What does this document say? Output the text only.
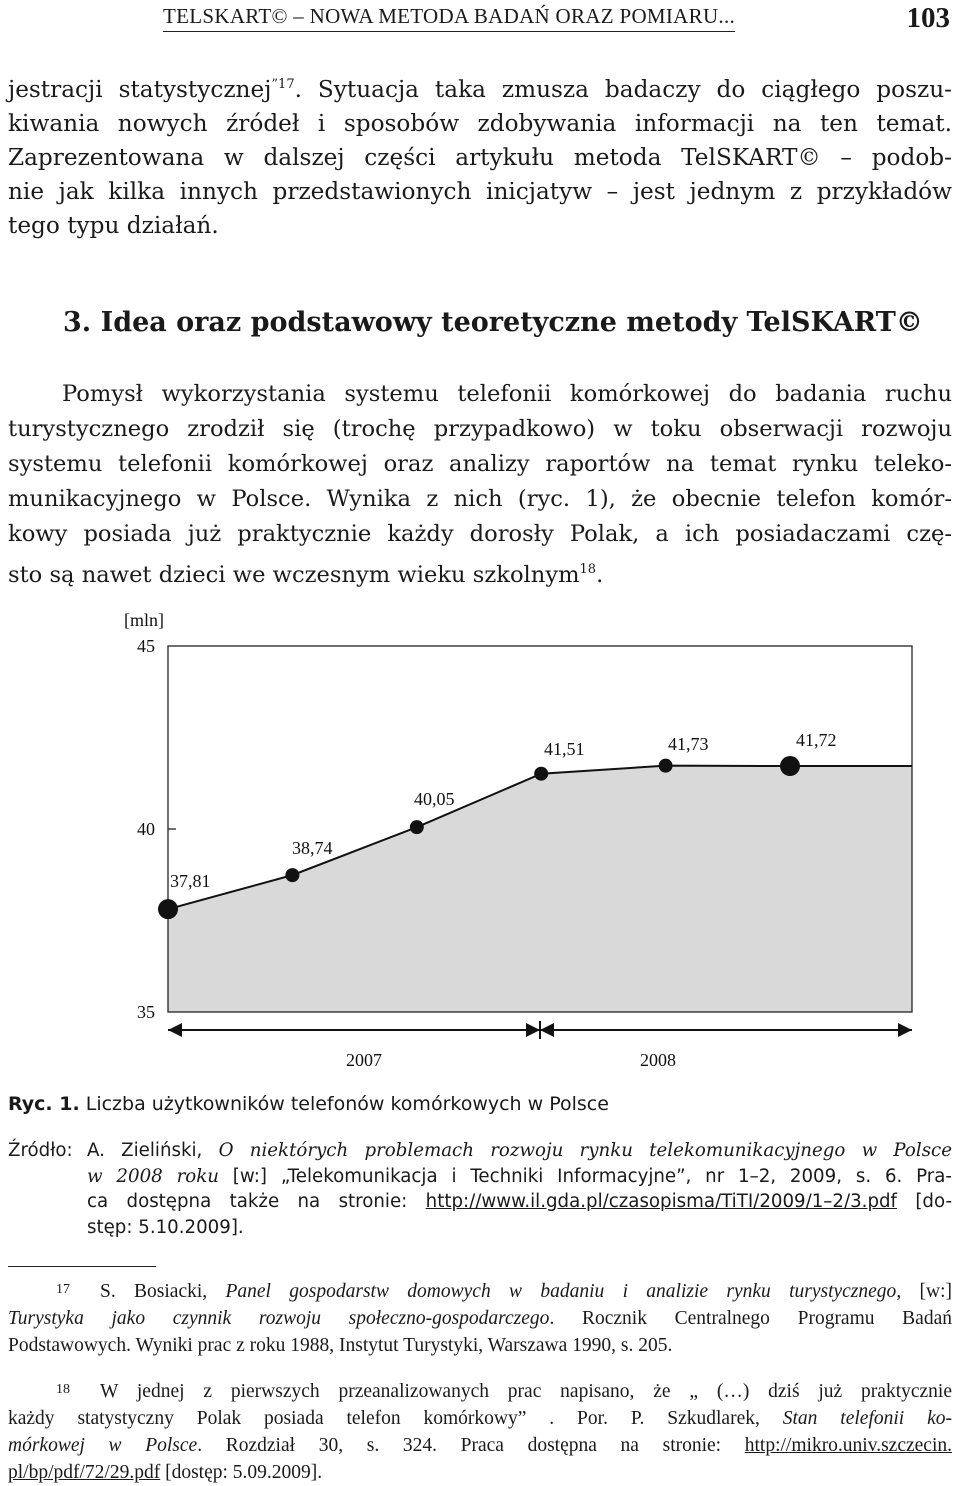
TELSKART© – NOWA METODA BADAŃ ORAZ POMIARU...	103
jestracji statystycznej$^{”17}$. Sytuacja taka zmusza badaczy do ciągłego poszu-
kiwania nowych źródeł i sposobów zdobywania informacji na ten temat.
Zaprezentowana w dalszej części artykułu metoda TelSKART© – podob-
nie jak kilka innych przedstawionych inicjatyw – jest jednym z przykładów
tego typu działań.
3. Idea oraz podstawowy teoretyczne metody TelSKART©
Pomysł wykorzystania systemu telefonii komórkowej do badania ruchu
turystycznego zrodził się (trochę przypadkowo) w toku obserwacji rozwoju
systemu telefonii komórkowej oraz analizy raportów na temat rynku teleko-
munikacyjnego w Polsce. Wynika z nich (ryc. 1), że obecnie telefon komór-
kowy posiada już praktycznie każdy dorosły Polak, a ich posiadaczami czę-
sto są nawet dzieci we wczesnym wieku szkolnym$^{18}$.
37,81
38,74
40,05
41,51	41,73	41,72
35
40
45
[mln]
2007	2008
Ryc. 1. Liczba użytkowników telefonów komórkowych w Polsce
Źródło: A. Zieliński, O niektórych problemach rozwoju rynku telekomunikacyjnego w Polsce
w 2008 roku [w:] „Telekomunikacja i Techniki Informacyjne”, nr 1–2, 2009, s. 6. Pra-
ca dostępna także na stronie: http://www.il.gda.pl/czasopisma/TiTI/2009/1–2/3.pdf [do-
stęp: 5.10.2009].
17 S. Bosiacki, Panel gospodarstw domowych w badaniu i analizie rynku turystycznego, [w:]
Turystyka jako czynnik rozwoju społeczno-gospodarczego. Rocznik Centralnego Programu Badań
Podstawowych. Wyniki prac z roku 1988, Instytut Turystyki, Warszawa 1990, s. 205.
18 W jednej z pierwszych przeanalizowanych prac napisano, że „ (…) dziś już praktycznie
każdy statystyczny Polak posiada telefon komórkowy” . Por. P. Szkudlarek, Stan telefonii ko-
mórkowej w Polsce. Rozdział 30, s. 324. Praca dostępna na stronie: http://mikro.univ.szczecin.
pl/bp/pdf/72/29.pdf [dostęp: 5.09.2009].
